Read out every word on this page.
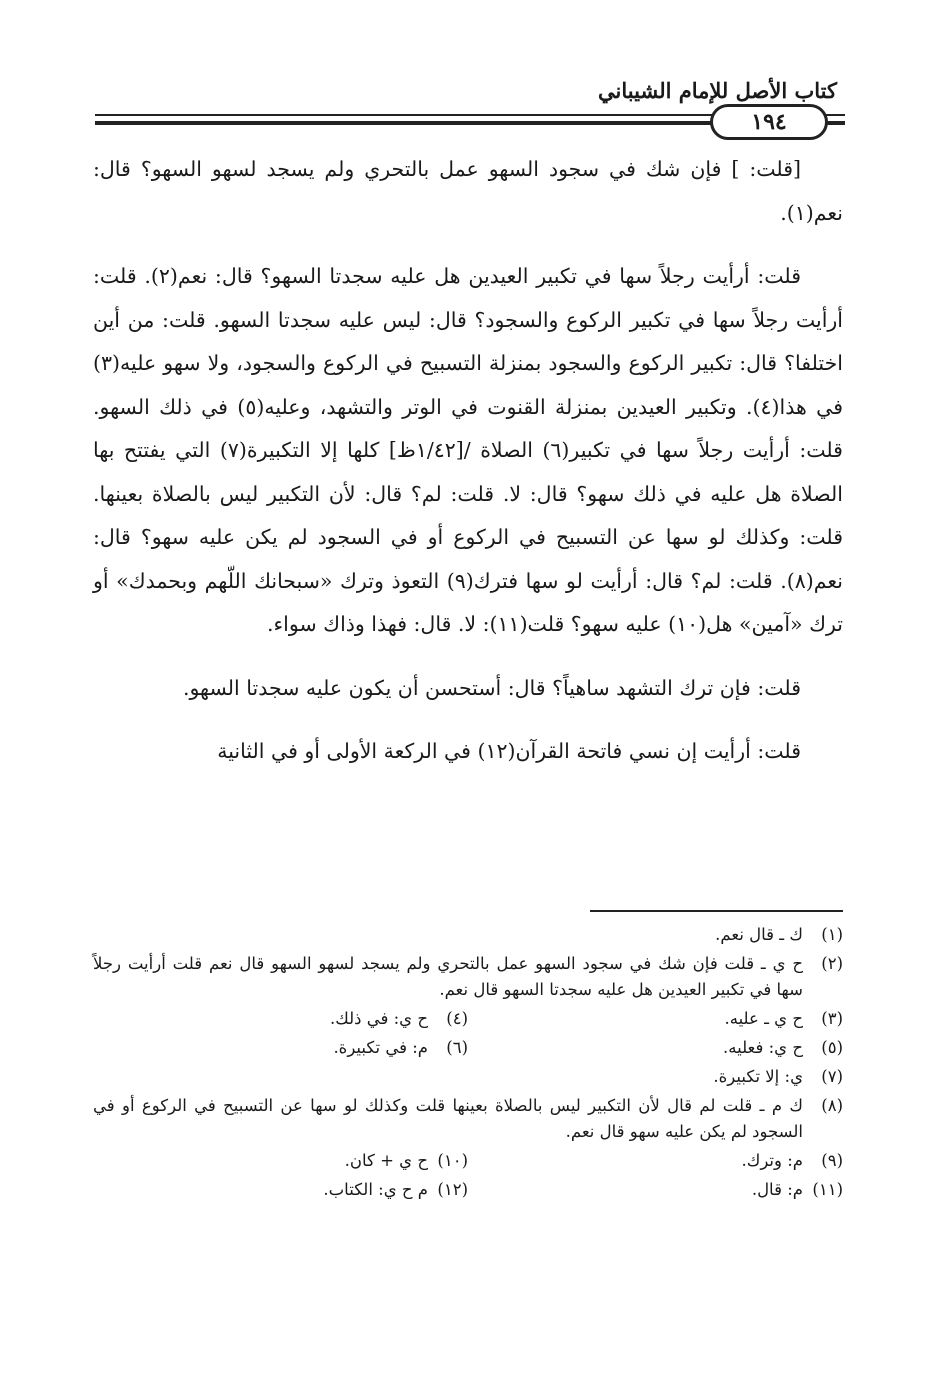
كتاب الأصل للإمام الشيباني
١٩٤

[قلت: ] فإن شك في سجود السهو عمل بالتحري ولم يسجد لسهو السهو؟ قال: نعم(١).

قلت: أرأيت رجلاً سها في تكبير العيدين هل عليه سجدتا السهو؟ قال: نعم(٢). قلت: أرأيت رجلاً سها في تكبير الركوع والسجود؟ قال: ليس عليه سجدتا السهو. قلت: من أين اختلفا؟ قال: تكبير الركوع والسجود بمنزلة التسبيح في الركوع والسجود، ولا سهو عليه(٣) في هذا(٤). وتكبير العيدين بمنزلة القنوت في الوتر والتشهد، وعليه(٥) في ذلك السهو. قلت: أرأيت رجلاً سها في تكبير(٦) الصلاة /[١/٤٢ظ] كلها إلا التكبيرة(٧) التي يفتتح بها الصلاة هل عليه في ذلك سهو؟ قال: لا. قلت: لم؟ قال: لأن التكبير ليس بالصلاة بعينها. قلت: وكذلك لو سها عن التسبيح في الركوع أو في السجود لم يكن عليه سهو؟ قال: نعم(٨). قلت: لم؟ قال: أرأيت لو سها فترك(٩) التعوذ وترك «سبحانك اللّهم وبحمدك» أو ترك «آمين» هل(١٠) عليه سهو؟ قلت(١١): لا. قال: فهذا وذاك سواء.

قلت: فإن ترك التشهد ساهياً؟ قال: أستحسن أن يكون عليه سجدتا السهو.

قلت: أرأيت إن نسي فاتحة القرآن(١٢) في الركعة الأولى أو في الثانية

(١)
ك ـ قال نعم.
(٢)
ح ي ـ قلت فإن شك في سجود السهو عمل بالتحري ولم يسجد لسهو السهو قال نعم قلت أرأيت رجلاً سها في تكبير العيدين هل عليه سجدتا السهو قال نعم.
(٣)
ح ي ـ عليه.
(٤)
ح ي: في ذلك.
(٥)
ح ي: فعليه.
(٦)
م: في تكبيرة.
(٧)
ي: إلا تكبيرة.
(٨)
ك م ـ قلت لم قال لأن التكبير ليس بالصلاة بعينها قلت وكذلك لو سها عن التسبيح في الركوع أو في السجود لم يكن عليه سهو قال نعم.
(٩)
م: وترك.
(١٠)
ح ي + كان.
(١١)
م: قال.
(١٢)
م ح ي: الكتاب.
